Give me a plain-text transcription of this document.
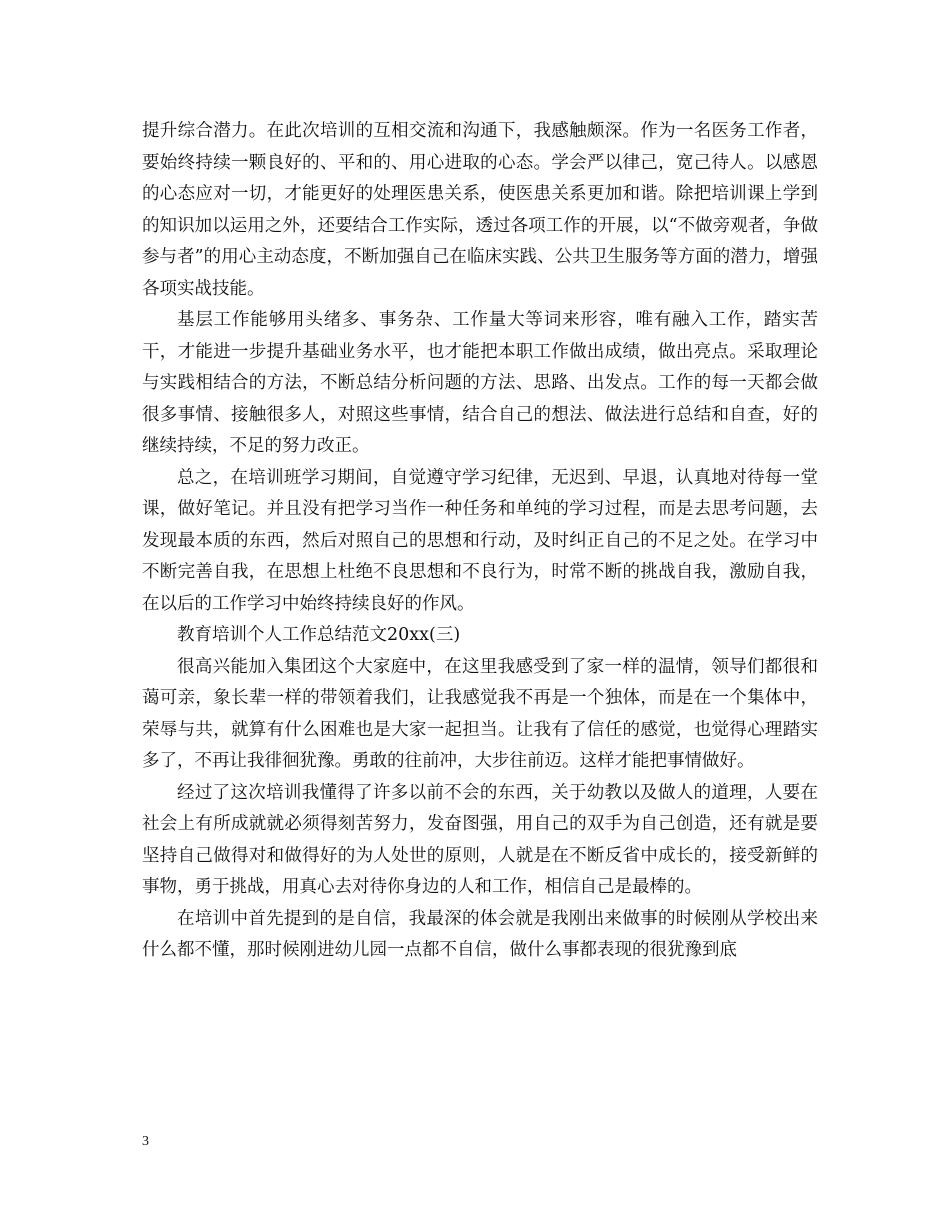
提升综合潜力。在此次培训的互相交流和沟通下，我感触颇深。作为一名医务工作者，要始终持续一颗良好的、平和的、用心进取的心态。学会严以律己，宽己待人。以感恩的心态应对一切，才能更好的处理医患关系，使医患关系更加和谐。除把培训课上学到的知识加以运用之外，还要结合工作实际，透过各项工作的开展，以“不做旁观者，争做参与者”的用心主动态度，不断加强自己在临床实践、公共卫生服务等方面的潜力，增强各项实战技能。

基层工作能够用头绪多、事务杂、工作量大等词来形容，唯有融入工作，踏实苦干，才能进一步提升基础业务水平，也才能把本职工作做出成绩，做出亮点。采取理论与实践相结合的方法，不断总结分析问题的方法、思路、出发点。工作的每一天都会做很多事情、接触很多人，对照这些事情，结合自己的想法、做法进行总结和自查，好的继续持续，不足的努力改正。

总之，在培训班学习期间，自觉遵守学习纪律，无迟到、早退，认真地对待每一堂课，做好笔记。并且没有把学习当作一种任务和单纯的学习过程，而是去思考问题，去发现最本质的东西，然后对照自己的思想和行动，及时纠正自己的不足之处。在学习中不断完善自我，在思想上杜绝不良思想和不良行为，时常不断的挑战自我，激励自我，在以后的工作学习中始终持续良好的作风。

教育培训个人工作总结范文20xx(三)

很高兴能加入集团这个大家庭中，在这里我感受到了家一样的温情，领导们都很和蔼可亲，象长辈一样的带领着我们，让我感觉我不再是一个独体，而是在一个集体中，荣辱与共，就算有什么困难也是大家一起担当。让我有了信任的感觉，也觉得心理踏实多了，不再让我徘徊犹豫。勇敢的往前冲，大步往前迈。这样才能把事情做好。

经过了这次培训我懂得了许多以前不会的东西，关于幼教以及做人的道理，人要在社会上有所成就就必须得刻苦努力，发奋图强，用自己的双手为自己创造，还有就是要坚持自己做得对和做得好的为人处世的原则，人就是在不断反省中成长的，接受新鲜的事物，勇于挑战，用真心去对待你身边的人和工作，相信自己是最棒的。

在培训中首先提到的是自信，我最深的体会就是我刚出来做事的时候刚从学校出来什么都不懂，那时候刚进幼儿园一点都不自信，做什么事都表现的很犹豫到底

3
